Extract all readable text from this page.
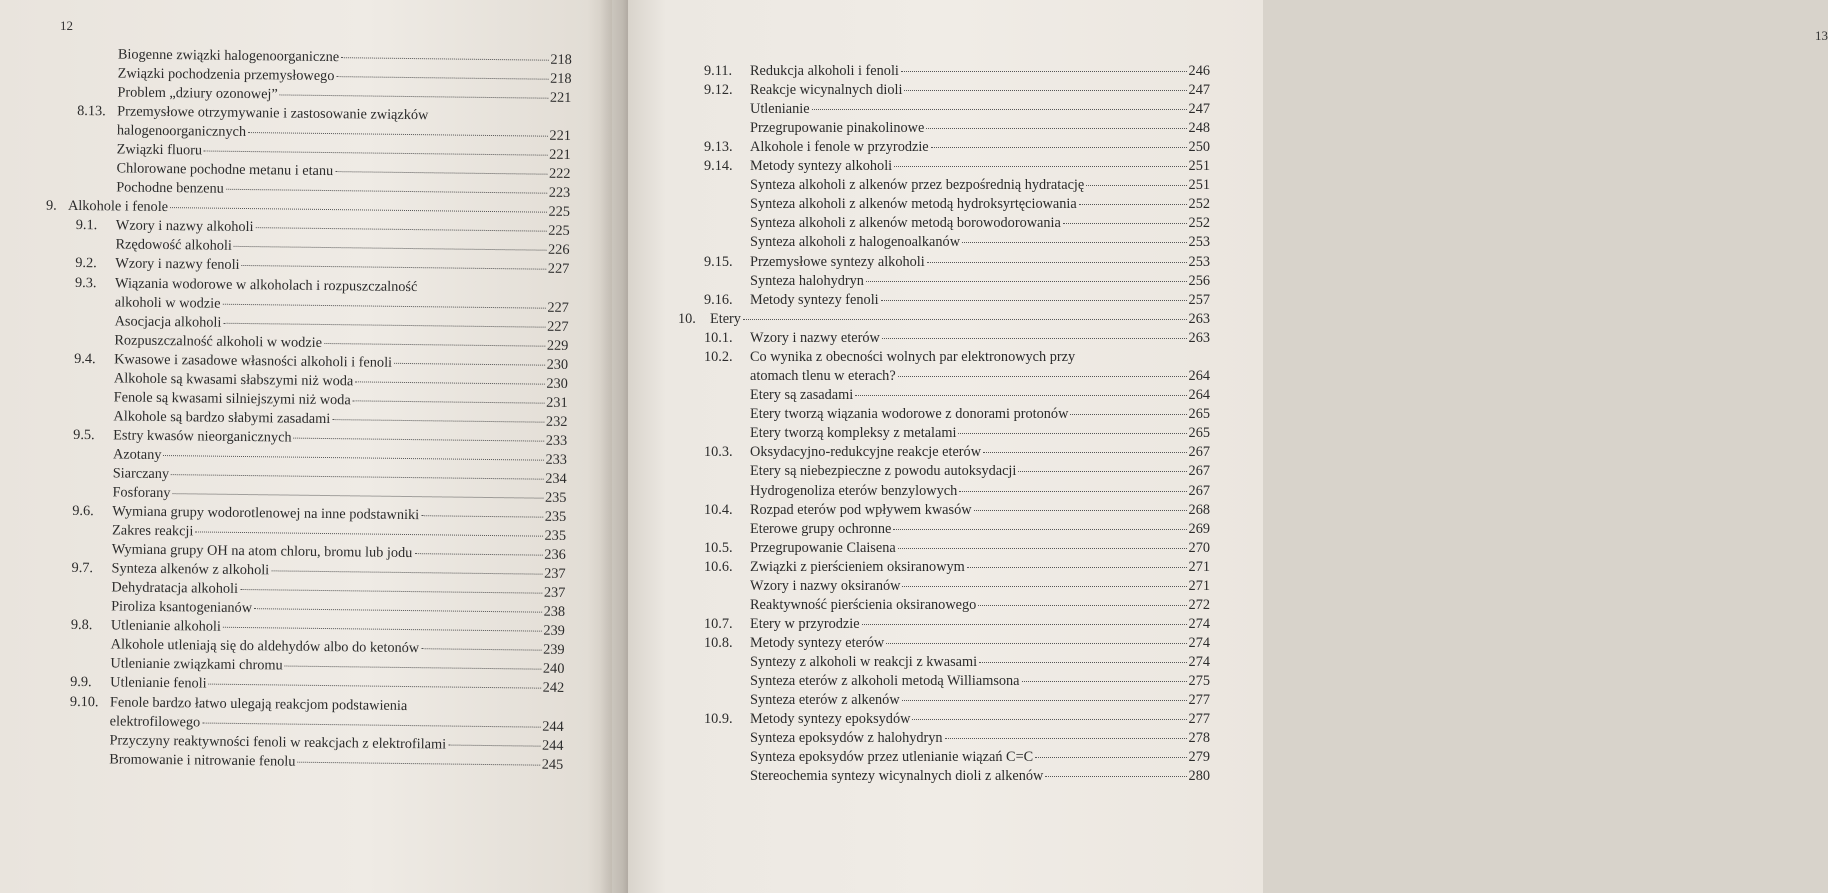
12
Biogenne związki halogenoorganiczne	218
Związki pochodzenia przemysłowego	218
Problem „dziury ozonowej”	221
8.13. Przemysłowe otrzymywanie i zastosowanie związków
halogenoorganicznych	221
Związki fluoru	221
Chlorowane pochodne metanu i etanu	222
Pochodne benzenu	223
9. Alkohole i fenole	225
9.1.	Wzory i nazwy alkoholi	225
Rzędowość alkoholi	226
9.2.	Wzory i nazwy fenoli	227
9.3.	Wiązania wodorowe w alkoholach i rozpuszczalność
alkoholi w wodzie	227
Asocjacja alkoholi	227
Rozpuszczalność alkoholi w wodzie	229
9.4.	Kwasowe i zasadowe własności alkoholi i fenoli	230
Alkohole są kwasami słabszymi niż woda	230
Fenole są kwasami silniejszymi niż woda	231
Alkohole są bardzo słabymi zasadami	232
9.5.	Estry kwasów nieorganicznych	233
Azotany	233
Siarczany	234
Fosforany	235
9.6.	Wymiana grupy wodorotlenowej na inne podstawniki	235
Zakres reakcji	235
Wymiana grupy OH na atom chloru, bromu lub jodu	236
9.7.	Synteza alkenów z alkoholi	237
Dehydratacja alkoholi	237
Piroliza ksantogenianów	238
9.8.	Utlenianie alkoholi	239
Alkohole utleniają się do aldehydów albo do ketonów	239
Utlenianie związkami chromu	240
9.9.	Utlenianie fenoli	242
9.10. Fenole bardzo łatwo ulegają reakcjom podstawienia
elektrofilowego	244
Przyczyny reaktywności fenoli w reakcjach z elektrofilami	244
Bromowanie i nitrowanie fenolu	245
13
9.11.	Redukcja alkoholi i fenoli	246
9.12.	Reakcje wicynalnych dioli	247
Utlenianie	247
Przegrupowanie pinakolinowe	248
9.13.	Alkohole i fenole w przyrodzie	250
9.14.	Metody syntezy alkoholi	251
Synteza alkoholi z alkenów przez bezpośrednią hydratację	251
Synteza alkoholi z alkenów metodą hydroksyrtęciowania	252
Synteza alkoholi z alkenów metodą borowodorowania	252
Synteza alkoholi z halogenoalkanów	253
9.15.	Przemysłowe syntezy alkoholi	253
Synteza halohydryn	256
9.16.	Metody syntezy fenoli	257
10. Etery	263
10.1.	Wzory i nazwy eterów	263
10.2.	Co wynika z obecności wolnych par elektronowych przy
atomach tlenu w eterach?	264
Etery są zasadami	264
Etery tworzą wiązania wodorowe z donorami protonów	265
Etery tworzą kompleksy z metalami	265
10.3.	Oksydacyjno-redukcyjne reakcje eterów	267
Etery są niebezpieczne z powodu autoksydacji	267
Hydrogenoliza eterów benzylowych	267
10.4.	Rozpad eterów pod wpływem kwasów	268
Eterowe grupy ochronne	269
10.5.	Przegrupowanie Claisena	270
10.6.	Związki z pierścieniem oksiranowym	271
Wzory i nazwy oksiranów	271
Reaktywność pierścienia oksiranowego	272
10.7.	Etery w przyrodzie	274
10.8.	Metody syntezy eterów	274
Syntezy z alkoholi w reakcji z kwasami	274
Synteza eterów z alkoholi metodą Williamsona	275
Synteza eterów z alkenów	277
10.9.	Metody syntezy epoksydów	277
Synteza epoksydów z halohydryn	278
Synteza epoksydów przez utlenianie wiązań C=C	279
Stereochemia syntezy wicynalnych dioli z alkenów	280
